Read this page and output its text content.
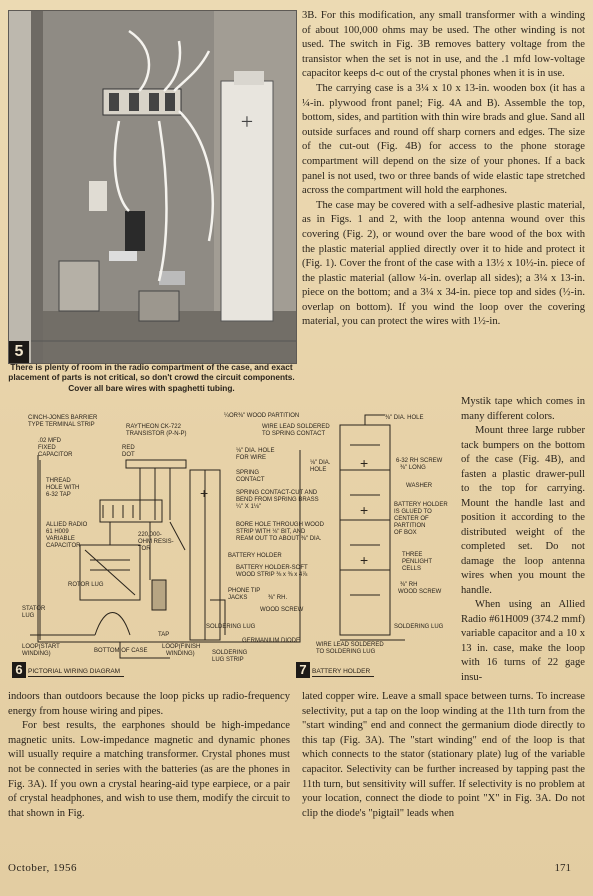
+
5
There is plenty of room in the radio compartment of the case, and exact placement of parts is not critical, so don't crowd the circuit components. Cover all bare wires with spaghetti tubing.

3B. For this modification, any small transformer with a winding of about 100,000 ohms may be used. The other winding is not used. The switch in Fig. 3B removes battery voltage from the transistor when the set is not in use, and the .1 mfd low-voltage capacitor keeps d-c out of the crystal phones when it is in use.

The carrying case is a 3¼ x 10 x 13-in. wooden box (it has a ¼-in. plywood front panel; Fig. 4A and B). Assemble the top, bottom, sides, and partition with thin wire brads and glue. Sand all outside surfaces and round off sharp corners and edges. The size of the cut-out (Fig. 4B) for access to the phone storage compartment will depend on the size of your phones. If a back panel is not used, two or three bands of wide elastic tape stretched across the compartment will hold the earphones.

The case may be covered with a self-adhesive plastic material, as in Figs. 1 and 2, with the loop antenna wound over this covering (Fig. 2), or wound over the bare wood of the box with the plastic material applied directly over it to hide and protect it (Fig. 1). Cover the front of the case with a 13½ x 10½-in. piece of the plastic material (allow ¼-in. overlap all sides); a 3¼ x 13-in. piece on the bottom; and a 3¼ x 34-in. piece top and sides (½-in. overlap on bottom). If you wind the loop over the covering material, you can protect the wires with 1½-in.

Mystik tape which comes in many different colors.

Mount three large rubber tack bumpers on the bottom of the case (Fig. 4B), and fasten a plastic drawer-pull to the top for carrying. Mount the handle last and position it according to the distributed weight of the completed set. Do not damage the loop antenna wires when you mount the handle.

When using an Allied Radio #61H009 (374.2 mmf) variable capacitor and a 10 x 13 in. case, make the loop with 16 turns of 22 gage insu-

+
+
+
+
CINCH-JONES BARRIER
TYPE TERMINAL STRIP	RAYTHEON CK-722
TRANSISTOR (P-N-P)
¼OR⅜" WOOD PARTITION
WIRE LEAD SOLDERED
TO SPRING CONTACT
⅜" DIA. HOLE
.02 MFD
FIXED
CAPACITOR
RED
DOT
⅛" DIA. HOLE
FOR WIRE
⅛" DIA.
HOLE
6-32 RH SCREW
⅜" LONG
THREAD
HOLE WITH
6-32 TAP
SPRING
CONTACT
WASHER
SPRING CONTACT-CUT AND
BEND FROM SPRING BRASS
¼" X 1⅛"	BATTERY HOLDER
IS GLUED TO
CENTER OF
PARTITION
OF BOX
ALLIED RADIO
61 H009
VARIABLE
CAPACITOR
220,000-
OHM RESIS-
TOR
BORE HOLE THROUGH WOOD
STRIP WITH ⅛" BIT, AND
REAM OUT TO ABOUT ⅜" DIA.
BATTERY HOLDER
BATTERY HOLDER-SOFT
WOOD STRIP ⅜ x ⅜ x 4⅞
THREE
PENLIGHT
CELLS
ROTOR LUG
PHONE TIP
JACKS
⅜" RH
WOOD SCREW
⅜" RH.
WOOD SCREW
STATOR
LUG
SOLDERING LUG	SOLDERING LUG
TAP
GERMANIUM DIODE
LOOP(START
WINDING)	BOTTOM OF CASE
LOOP(FINISH
WINDING)	SOLDERING
LUG STRIP
WIRE LEAD SOLDERED
TO SOLDERING LUG
6 PICTORIAL WIRING DIAGRAM	7 BATTERY HOLDER

indoors than outdoors because the loop picks up radio-frequency energy from house wiring and pipes.

For best results, the earphones should be high-impedance magnetic units. Low-impedance magnetic and dynamic phones will usually require a matching transformer. Crystal phones must not be connected in series with the batteries (as are the phones in Fig. 3A). If you own a crystal hearing-aid type earpiece, or a pair of crystal headphones, and wish to use them, modify the circuit to that shown in Fig.

lated copper wire. Leave a small space between turns. To increase selectivity, put a tap on the loop winding at the 11th turn from the "start winding" end and connect the germanium diode directly to this tap (Fig. 3A). The "start winding" end of the loop is that which connects to the stator (stationary plate) lug of the variable capacitor. Selectivity can be further increased by tapping past the 11th turn, but sensitivity will suffer. If selectivity is no problem at your location, connect the diode to point "X" in Fig. 3A. Do not clip the diode's "pigtail" leads when

October, 1956	171
